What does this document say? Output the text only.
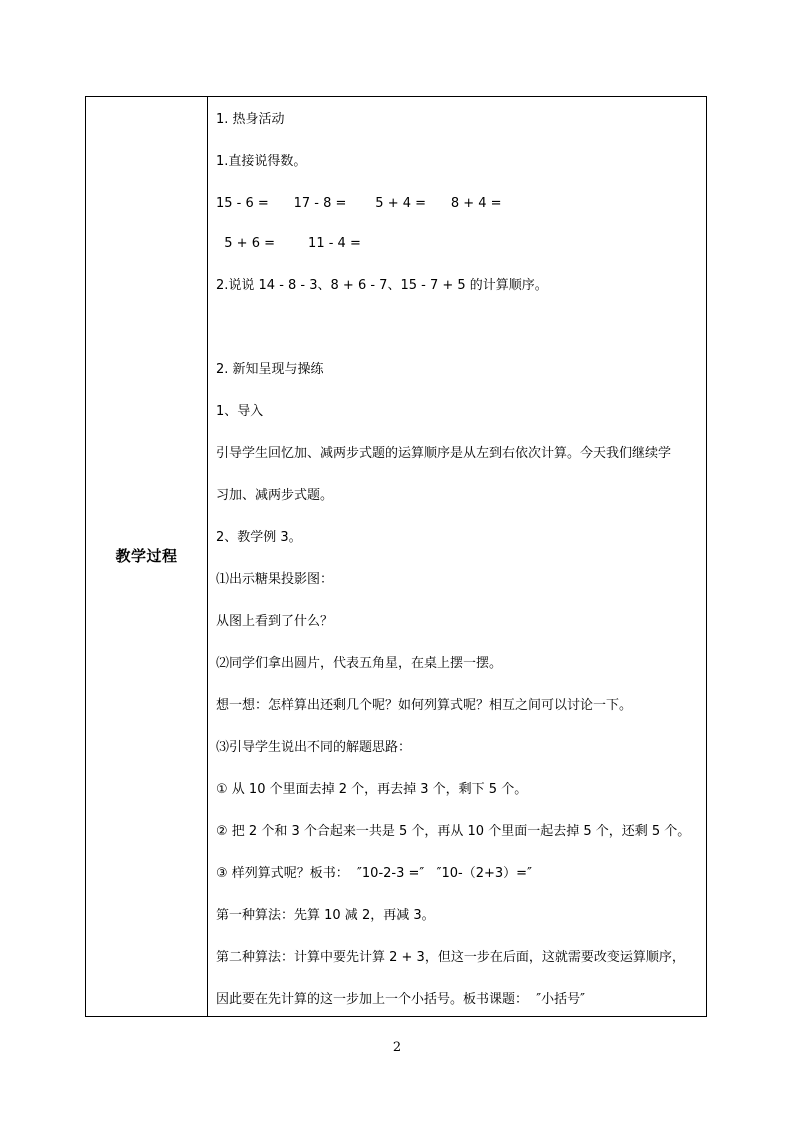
教学过程
1. 热身活动
1.直接说得数。
15 - 6 =      17 - 8 =       5 + 4 =      8 + 4 =
5 + 6 =        11 - 4 =
2.说说 14 - 8 - 3、8 + 6 - 7、15 - 7 + 5 的计算顺序。
2. 新知呈现与操练
1、导入
引导学生回忆加、减两步式题的运算顺序是从左到右依次计算。今天我们继续学
习加、减两步式题。
2、教学例 3。
⑴出示糖果投影图：
从图上看到了什么？
⑵同学们拿出圆片，代表五角星，在桌上摆一摆。
想一想：怎样算出还剩几个呢？如何列算式呢？相互之间可以讨论一下。
⑶引导学生说出不同的解题思路：
① 从 10 个里面去掉 2 个，再去掉 3 个，剩下 5 个。
② 把 2 个和 3 个合起来一共是 5 个，再从 10 个里面一起去掉 5 个，还剩 5 个。
③ 样列算式呢？板书：  ″10-2-3 =″   ″10-（2+3）=″
第一种算法：先算 10 减 2，再减 3。
第二种算法：计算中要先计算 2 + 3，但这一步在后面，这就需要改变运算顺序，
因此要在先计算的这一步加上一个小括号。板书课题：  ″小括号″
2
